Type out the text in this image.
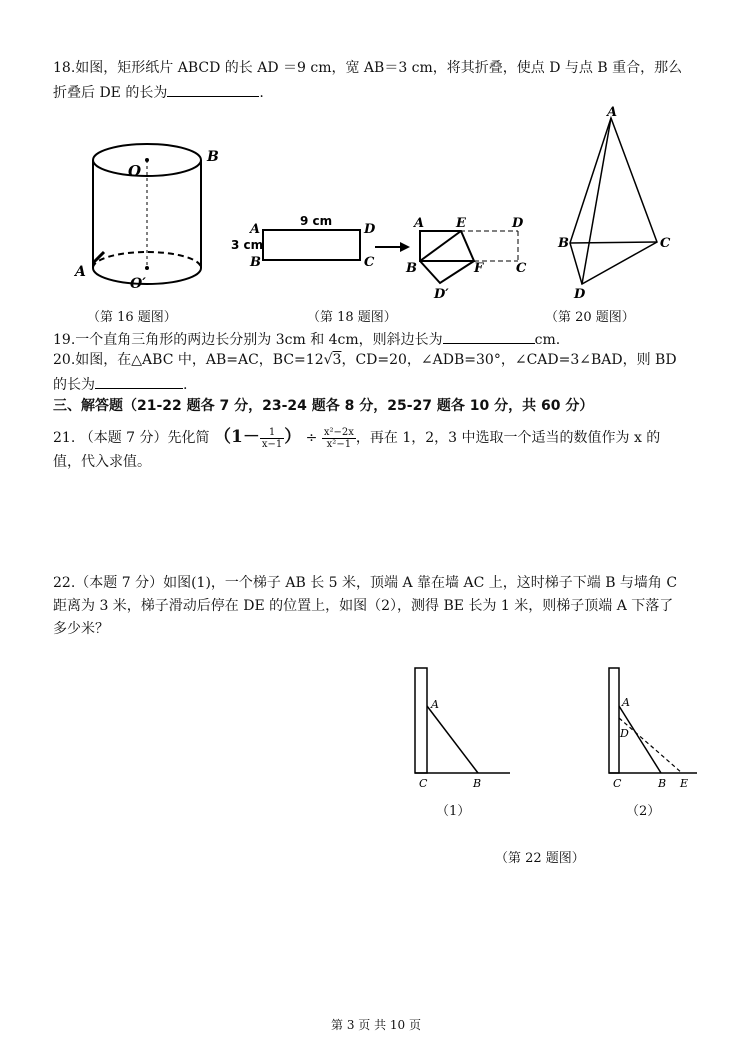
18.如图，矩形纸片 ABCD 的长 AD ＝9 cm，宽 AB＝3 cm，将其折叠，使点 D 与点 B 重合，那么
折叠后 DE 的长为	.
B
O
O′
A
9 cm
3 cm
A
B	C
D	A E	D
B	F	C
D′
A
B	C
D
（第 16 题图）	（第 18 题图）	（第 20 题图）
19.一个直角三角形的两边长分别为 3cm 和 4cm，则斜边长为	cm.
20.如图，在△ABC 中，AB=AC，BC=12√3，CD=20，∠ADB=30°，∠CAD=3∠BAD，则 BD
的长为	.
三、解答题（21-22 题各 7 分，23-24 题各 8 分，25-27 题各 10 分，共 60 分）
21. （本题 7 分）先化简 （$1- \frac{1}{x-1}$ ） ÷ $\frac{\text{x²−2x}}{\text{x²−1}}$ ，再在 1，2，3 中选取一个适当的数值作为 x 的
值，代入求值。
22.（本题 7 分）如图(1)，一个梯子 AB 长 5 米，顶端 A 靠在墙 AC 上，这时梯子下端 B 与墙角 C
距离为 3 米，梯子滑动后停在 DE 的位置上，如图（2），测得 BE 长为 1 米，则梯子顶端 A 下落了
多少米？
A
C	B
（1）
A
D
C	B E
（2）
（第 22 题图）
第 3 页 共 10 页
